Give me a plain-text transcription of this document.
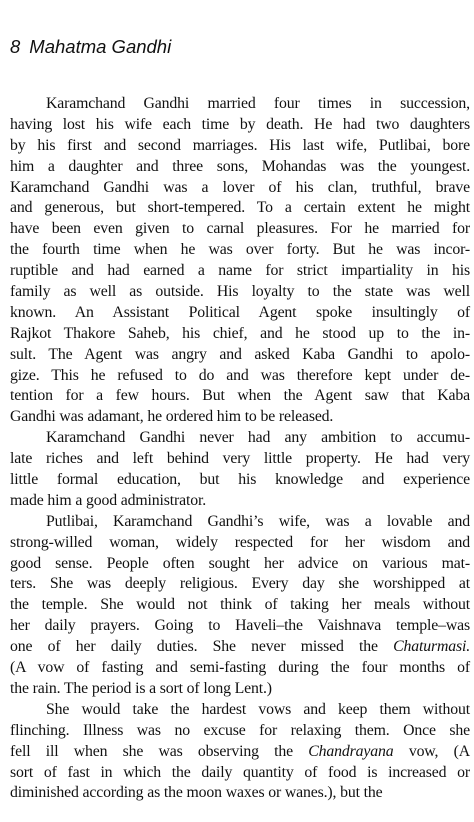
8 Mahatma Gandhi
Karamchand Gandhi married four times in succession,
having lost his wife each time by death. He had two daughters
by his first and second marriages. His last wife, Putlibai, bore
him a daughter and three sons, Mohandas was the youngest.
Karamchand Gandhi was a lover of his clan, truthful, brave
and generous, but short-tempered. To a certain extent he might
have been even given to carnal pleasures. For he married for
the fourth time when he was over forty. But he was incor-
ruptible and had earned a name for strict impartiality in his
family as well as outside. His loyalty to the state was well
known. An Assistant Political Agent spoke insultingly of
Rajkot Thakore Saheb, his chief, and he stood up to the in-
sult. The Agent was angry and asked Kaba Gandhi to apolo-
gize. This he refused to do and was therefore kept under de-
tention for a few hours. But when the Agent saw that Kaba
Gandhi was adamant, he ordered him to be released.
Karamchand Gandhi never had any ambition to accumu-
late riches and left behind very little property. He had very
little formal education, but his knowledge and experience
made him a good administrator.
Putlibai, Karamchand Gandhi’s wife, was a lovable and
strong-willed woman, widely respected for her wisdom and
good sense. People often sought her advice on various mat-
ters. She was deeply religious. Every day she worshipped at
the temple. She would not think of taking her meals without
her daily prayers. Going to Haveli–the Vaishnava temple–was
one of her daily duties. She never missed the Chaturmasi.
(A vow of fasting and semi-fasting during the four months of
the rain. The period is a sort of long Lent.)
She would take the hardest vows and keep them without
flinching. Illness was no excuse for relaxing them. Once she
fell ill when she was observing the Chandrayana vow, (A
sort of fast in which the daily quantity of food is increased or
diminished according as the moon waxes or wanes.), but the
